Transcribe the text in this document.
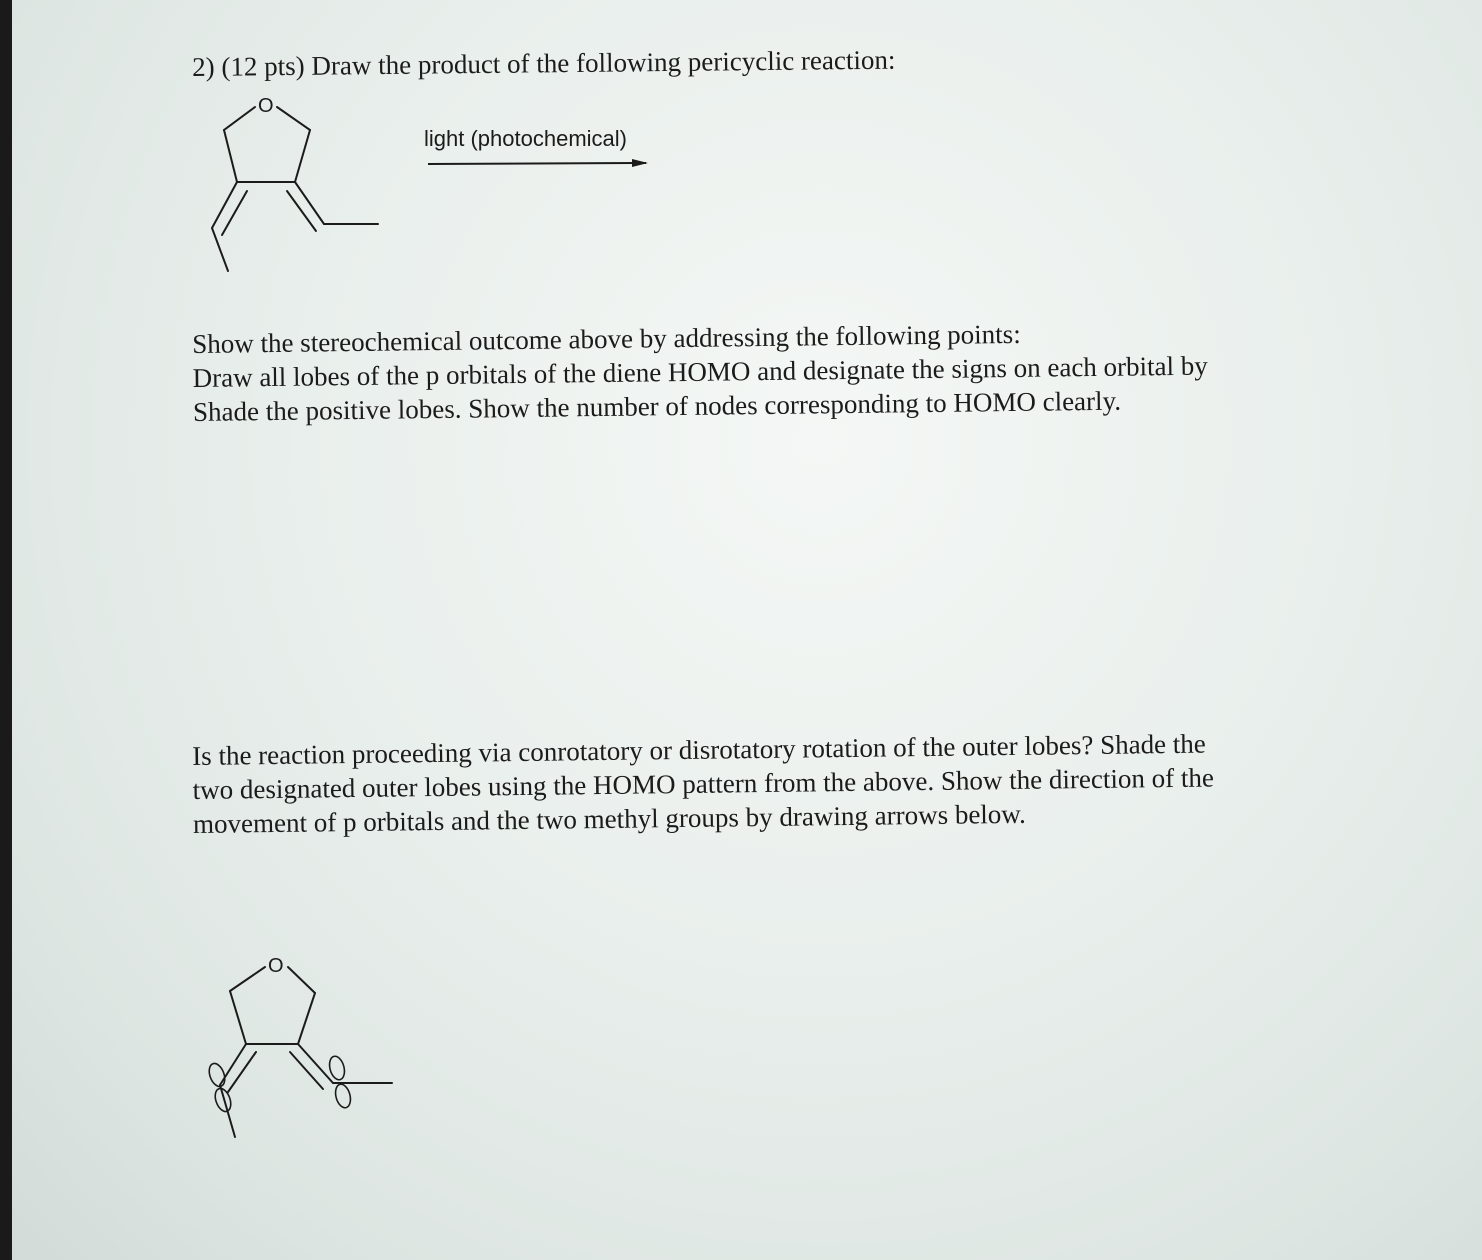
2) (12 pts) Draw the product of the following pericyclic reaction:
O
light (photochemical)
Show the stereochemical outcome above by addressing the following points:
Draw all lobes of the p orbitals of the diene HOMO and designate the signs on each orbital by
Shade the positive lobes. Show the number of nodes corresponding to HOMO clearly.
Is the reaction proceeding via conrotatory or disrotatory rotation of the outer lobes? Shade the
two designated outer lobes using the HOMO pattern from the above. Show the direction of the
movement of p orbitals and the two methyl groups by drawing arrows below.
O
